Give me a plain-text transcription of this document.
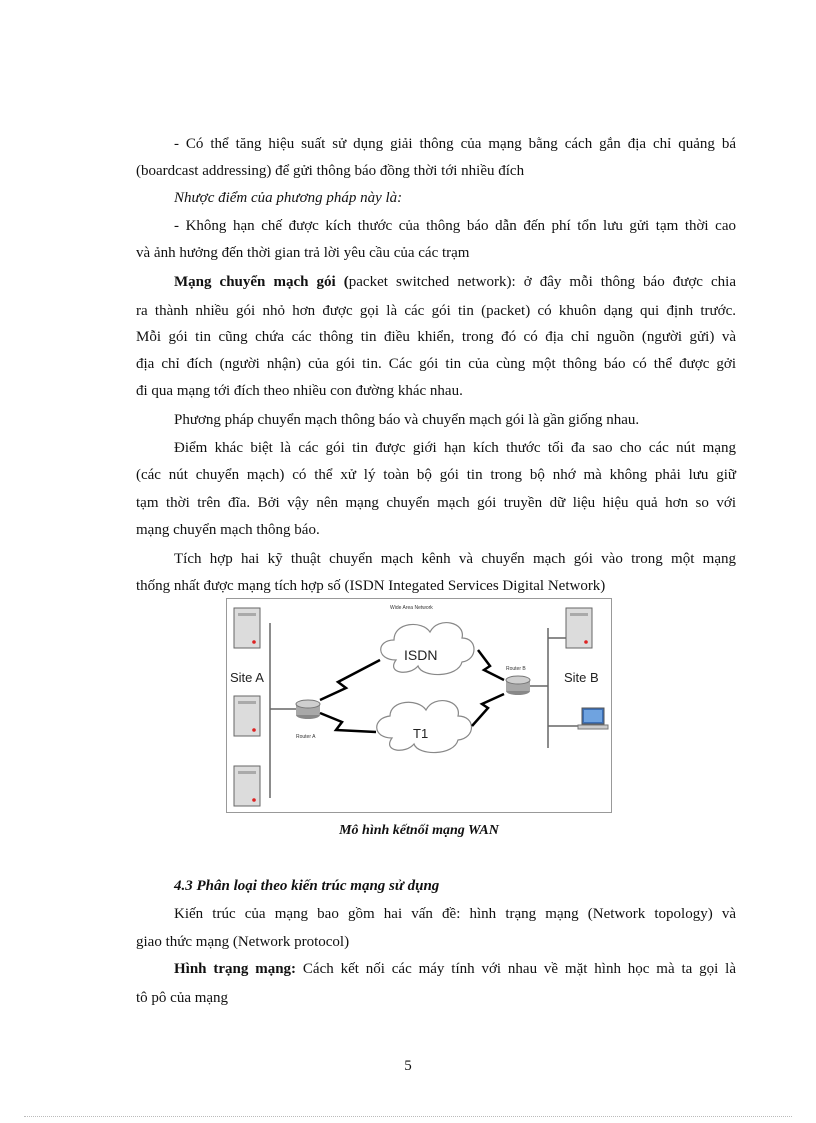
- Có thể tăng hiệu suất sử dụng giải thông của mạng bằng cách gắn địa chỉ quảng bá
(boardcast addressing) để gửi thông báo đồng thời tới nhiều đích
Nhược điểm của phương pháp này là:
- Không hạn chế được kích thước của thông báo dẫn đến phí tổn lưu gửi tạm thời cao
và ảnh hưởng đến thời gian trả lời yêu cầu của các trạm
Mạng chuyển mạch gói (packet switched network): ở đây mỗi thông báo được chia
ra thành nhiều gói nhỏ hơn được gọi là các gói tin (packet) có khuôn dạng qui định trước.
Mỗi gói tin cũng chứa các thông tin điều khiển, trong đó có địa chỉ nguồn (người gửi) và
địa chỉ đích (người nhận) của gói tin. Các gói tin của cùng một thông báo có thể được gởi
đi qua mạng tới đích theo nhiều con đường khác nhau.
Phương pháp chuyển mạch thông báo và chuyển mạch gói là gần giống nhau.
Điểm khác biệt là các gói tin được giới hạn kích thước tối đa sao cho các nút mạng
(các nút chuyển mạch) có thể xử lý toàn bộ gói tin trong bộ nhớ mà không phải lưu giữ
tạm thời trên đĩa. Bởi vậy nên mạng chuyển mạch gói truyền dữ liệu hiệu quả hơn so với
mạng chuyển mạch thông báo.
Tích hợp hai kỹ thuật chuyển mạch kênh và chuyển mạch gói vào trong một mạng
thống nhất được mạng tích hợp số (ISDN Integated Services Digital Network)
Site A
Router A
ISDN
T1
Wide Area Network
Router B
Site B
Mô hình kếtnối mạng WAN
4.3 Phân loại theo kiến trúc mạng sử dụng
Kiến trúc của mạng bao gồm hai vấn đề: hình trạng mạng (Network topology) và
giao thức mạng (Network protocol)
Hình trạng mạng: Cách kết nối các máy tính với nhau về mặt hình học mà ta gọi là
tô pô của mạng
5
